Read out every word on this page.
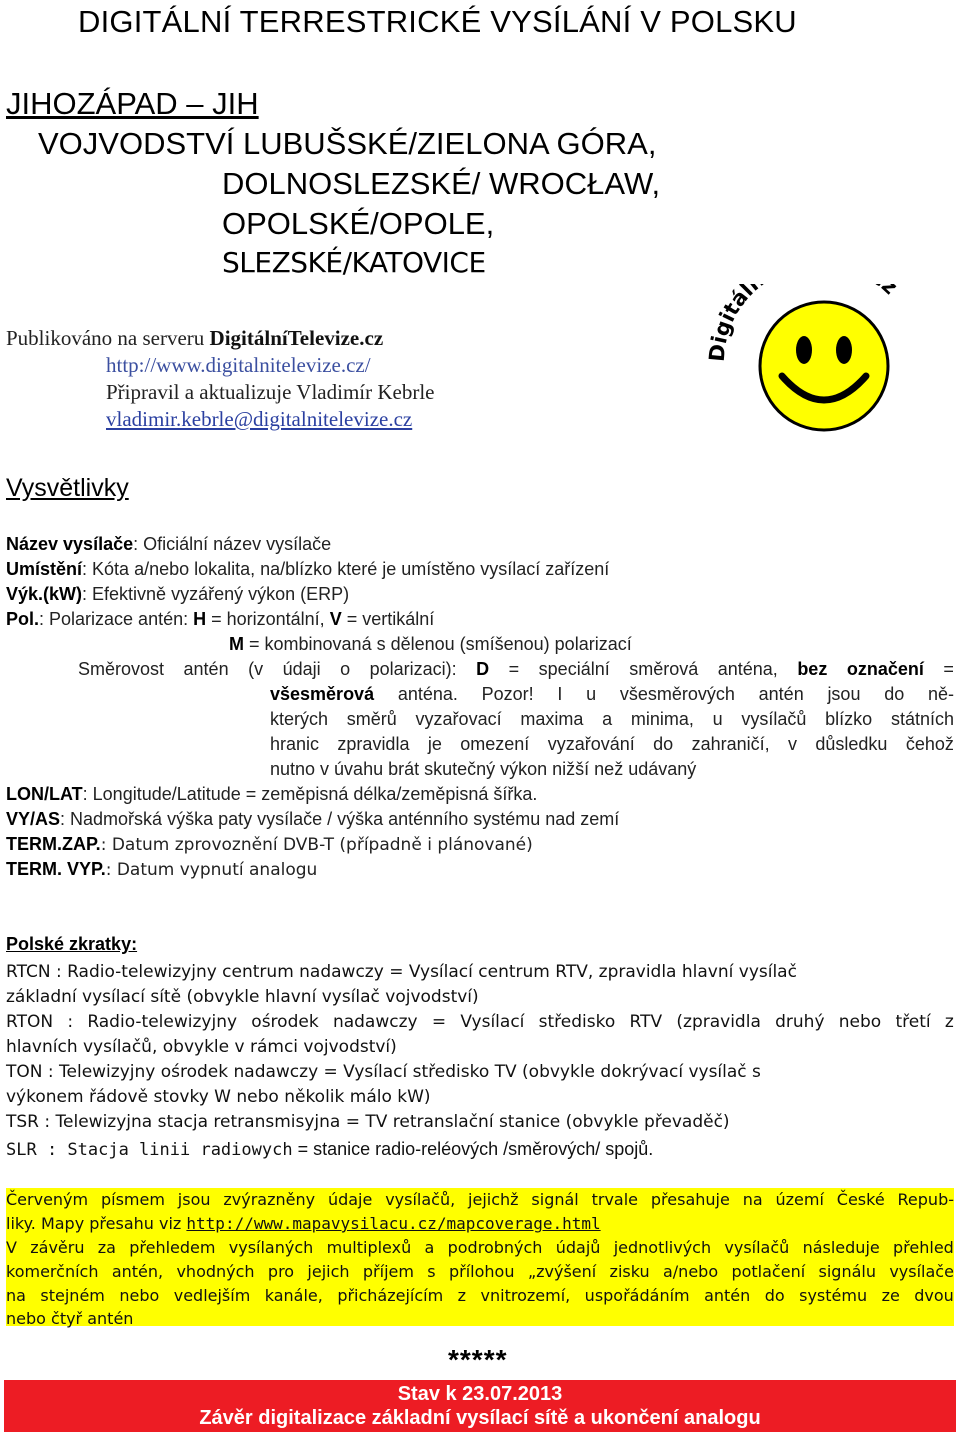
DIGITÁLNÍ TERRESTRICKÉ VYSÍLÁNÍ V POLSKU
JIHOZÁPAD – JIH
VOJVODSTVÍ LUBUŠSKÉ/ZIELONA GÓRA,
DOLNOSLEZSKÉ/ WROCŁAW,
OPOLSKÉ/OPOLE,
SLEZSKÉ/KATOVICE
Publikováno na serveru DigitálníTelevize.cz
http://www.digitalnitelevize.cz/
Připravil a aktualizuje Vladimír Kebrle
vladimir.kebrle@digitalnitelevize.cz
Digitál z
Vysvětlivky
Název vysílače: Oficiální název vysílače
Umístění: Kóta a/nebo lokalita, na/blízko které je umístěno vysílací zařízení
Výk.(kW): Efektivně vyzářený výkon (ERP)
Pol.: Polarizace antén: H = horizontální, V = vertikální
M = kombinovaná s dělenou (smíšenou) polarizací
Směrovost antén (v údaji o polarizaci): D = speciální směrová anténa, bez označení =
všesměrová anténa. Pozor! I u všesměrových antén jsou do ně-
kterých směrů vyzařovací maxima a minima, u vysílačů blízko státních
hranic zpravidla je omezení vyzařování do zahraničí, v důsledku čehož
nutno v úvahu brát skutečný výkon nižší než udávaný
LON/LAT: Longitude/Latitude = zeměpisná délka/zeměpisná šířka.
VY/AS: Nadmořská výška paty vysílače / výška anténního systému nad zemí
TERM.ZAP.: Datum zprovoznění DVB-T (případně i plánované)
TERM. VYP.: Datum vypnutí analogu
Polské zkratky:
RTCN : Radio-telewizyjny centrum nadawczy = Vysílací centrum RTV, zpravidla hlavní vysílač
základní vysílací sítě (obvykle hlavní vysílač vojvodství)
RTON : Radio-telewizyjny ośrodek nadawczy = Vysílací středisko RTV (zpravidla druhý nebo třetí z
hlavních vysílačů, obvykle v rámci vojvodství)
TON : Telewizyjny ośrodek nadawczy = Vysílací středisko TV (obvykle dokrývací vysílač s
výkonem řádově stovky W nebo několik málo kW)
TSR : Telewizyjna stacja retransmisyjna = TV retranslační stanice (obvykle převaděč)
SLR : Stacja linii radiowych = stanice radio-reléových /směrových/ spojů.
Červeným písmem jsou zvýrazněny údaje vysílačů, jejichž signál trvale přesahuje na území České Repub-
liky. Mapy přesahu viz http://www.mapavysilacu.cz/mapcoverage.html
V závěru za přehledem vysílaných multiplexů a podrobných údajů jednotlivých vysílačů následuje přehled
komerčních antén, vhodných pro jejich příjem s přílohou „zvýšení zisku a/nebo potlačení signálu vysílače
na stejném nebo vedlejším kanále, přicházejícím z vnitrozemí, uspořádáním antén do systému ze dvou
nebo čtyř antén
*****
Stav k 23.07.2013
Závěr digitalizace základní vysílací sítě a ukončení analogu
